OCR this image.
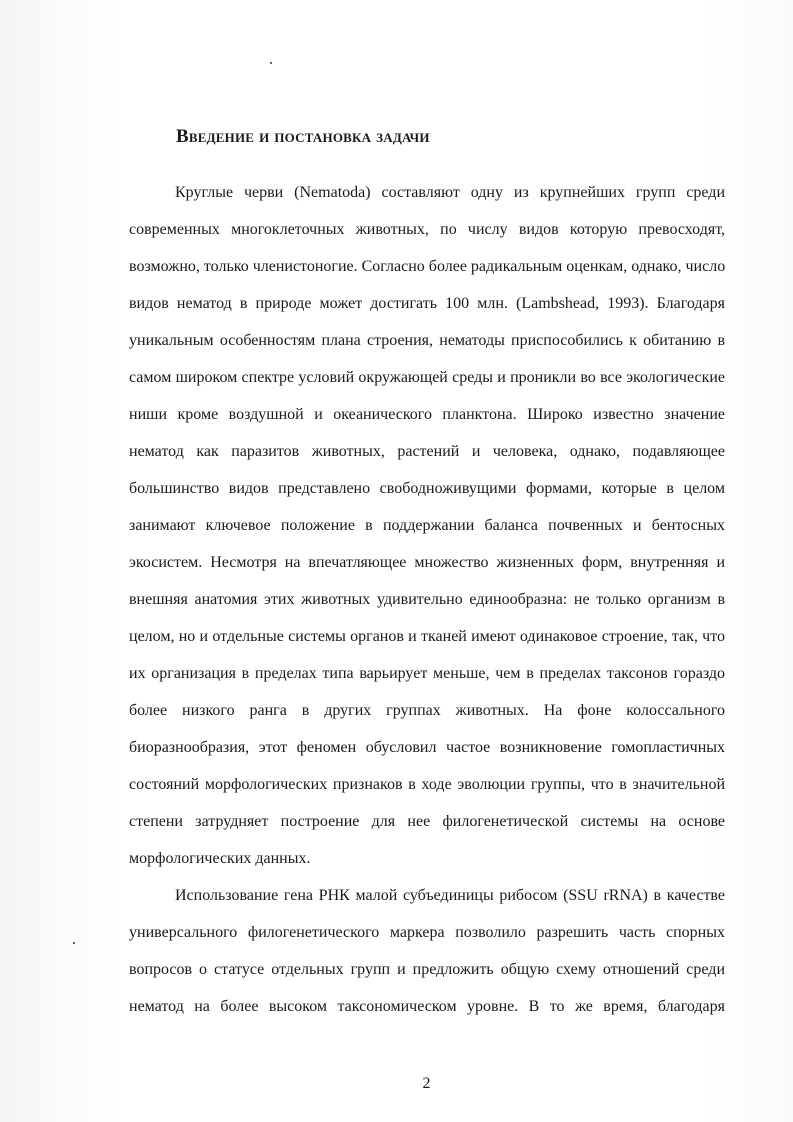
Введение и постановка задачи

Круглые черви (Nematoda) составляют одну из крупнейших групп среди
современных многоклеточных животных, по числу видов которую превосходят,
возможно, только членистоногие. Согласно более радикальным оценкам, однако, число
видов нематод в природе может достигать 100 млн. (Lambshead, 1993). Благодаря
уникальным особенностям плана строения, нематоды приспособились к обитанию в
самом широком спектре условий окружающей среды и проникли во все экологические
ниши кроме воздушной и океанического планктона. Широко известно значение
нематод как паразитов животных, растений и человека, однако, подавляющее
большинство видов представлено свободноживущими формами, которые в целом
занимают ключевое положение в поддержании баланса почвенных и бентосных
экосистем. Несмотря на впечатляющее множество жизненных форм, внутренняя и
внешняя анатомия этих животных удивительно единообразна: не только организм в
целом, но и отдельные системы органов и тканей имеют одинаковое строение, так, что
их организация в пределах типа варьирует меньше, чем в пределах таксонов гораздо
более низкого ранга в других группах животных. На фоне колоссального
биоразнообразия, этот феномен обусловил частое возникновение гомопластичных
состояний морфологических признаков в ходе эволюции группы, что в значительной
степени затрудняет построение для нее филогенетической системы на основе
морфологических данных.

Использование гена РНК малой субъединицы рибосом (SSU rRNA) в качестве
универсального филогенетического маркера позволило разрешить часть спорных
вопросов о статусе отдельных групп и предложить общую схему отношений среди
нематод на более высоком таксономическом уровне. В то же время, благодаря

2
